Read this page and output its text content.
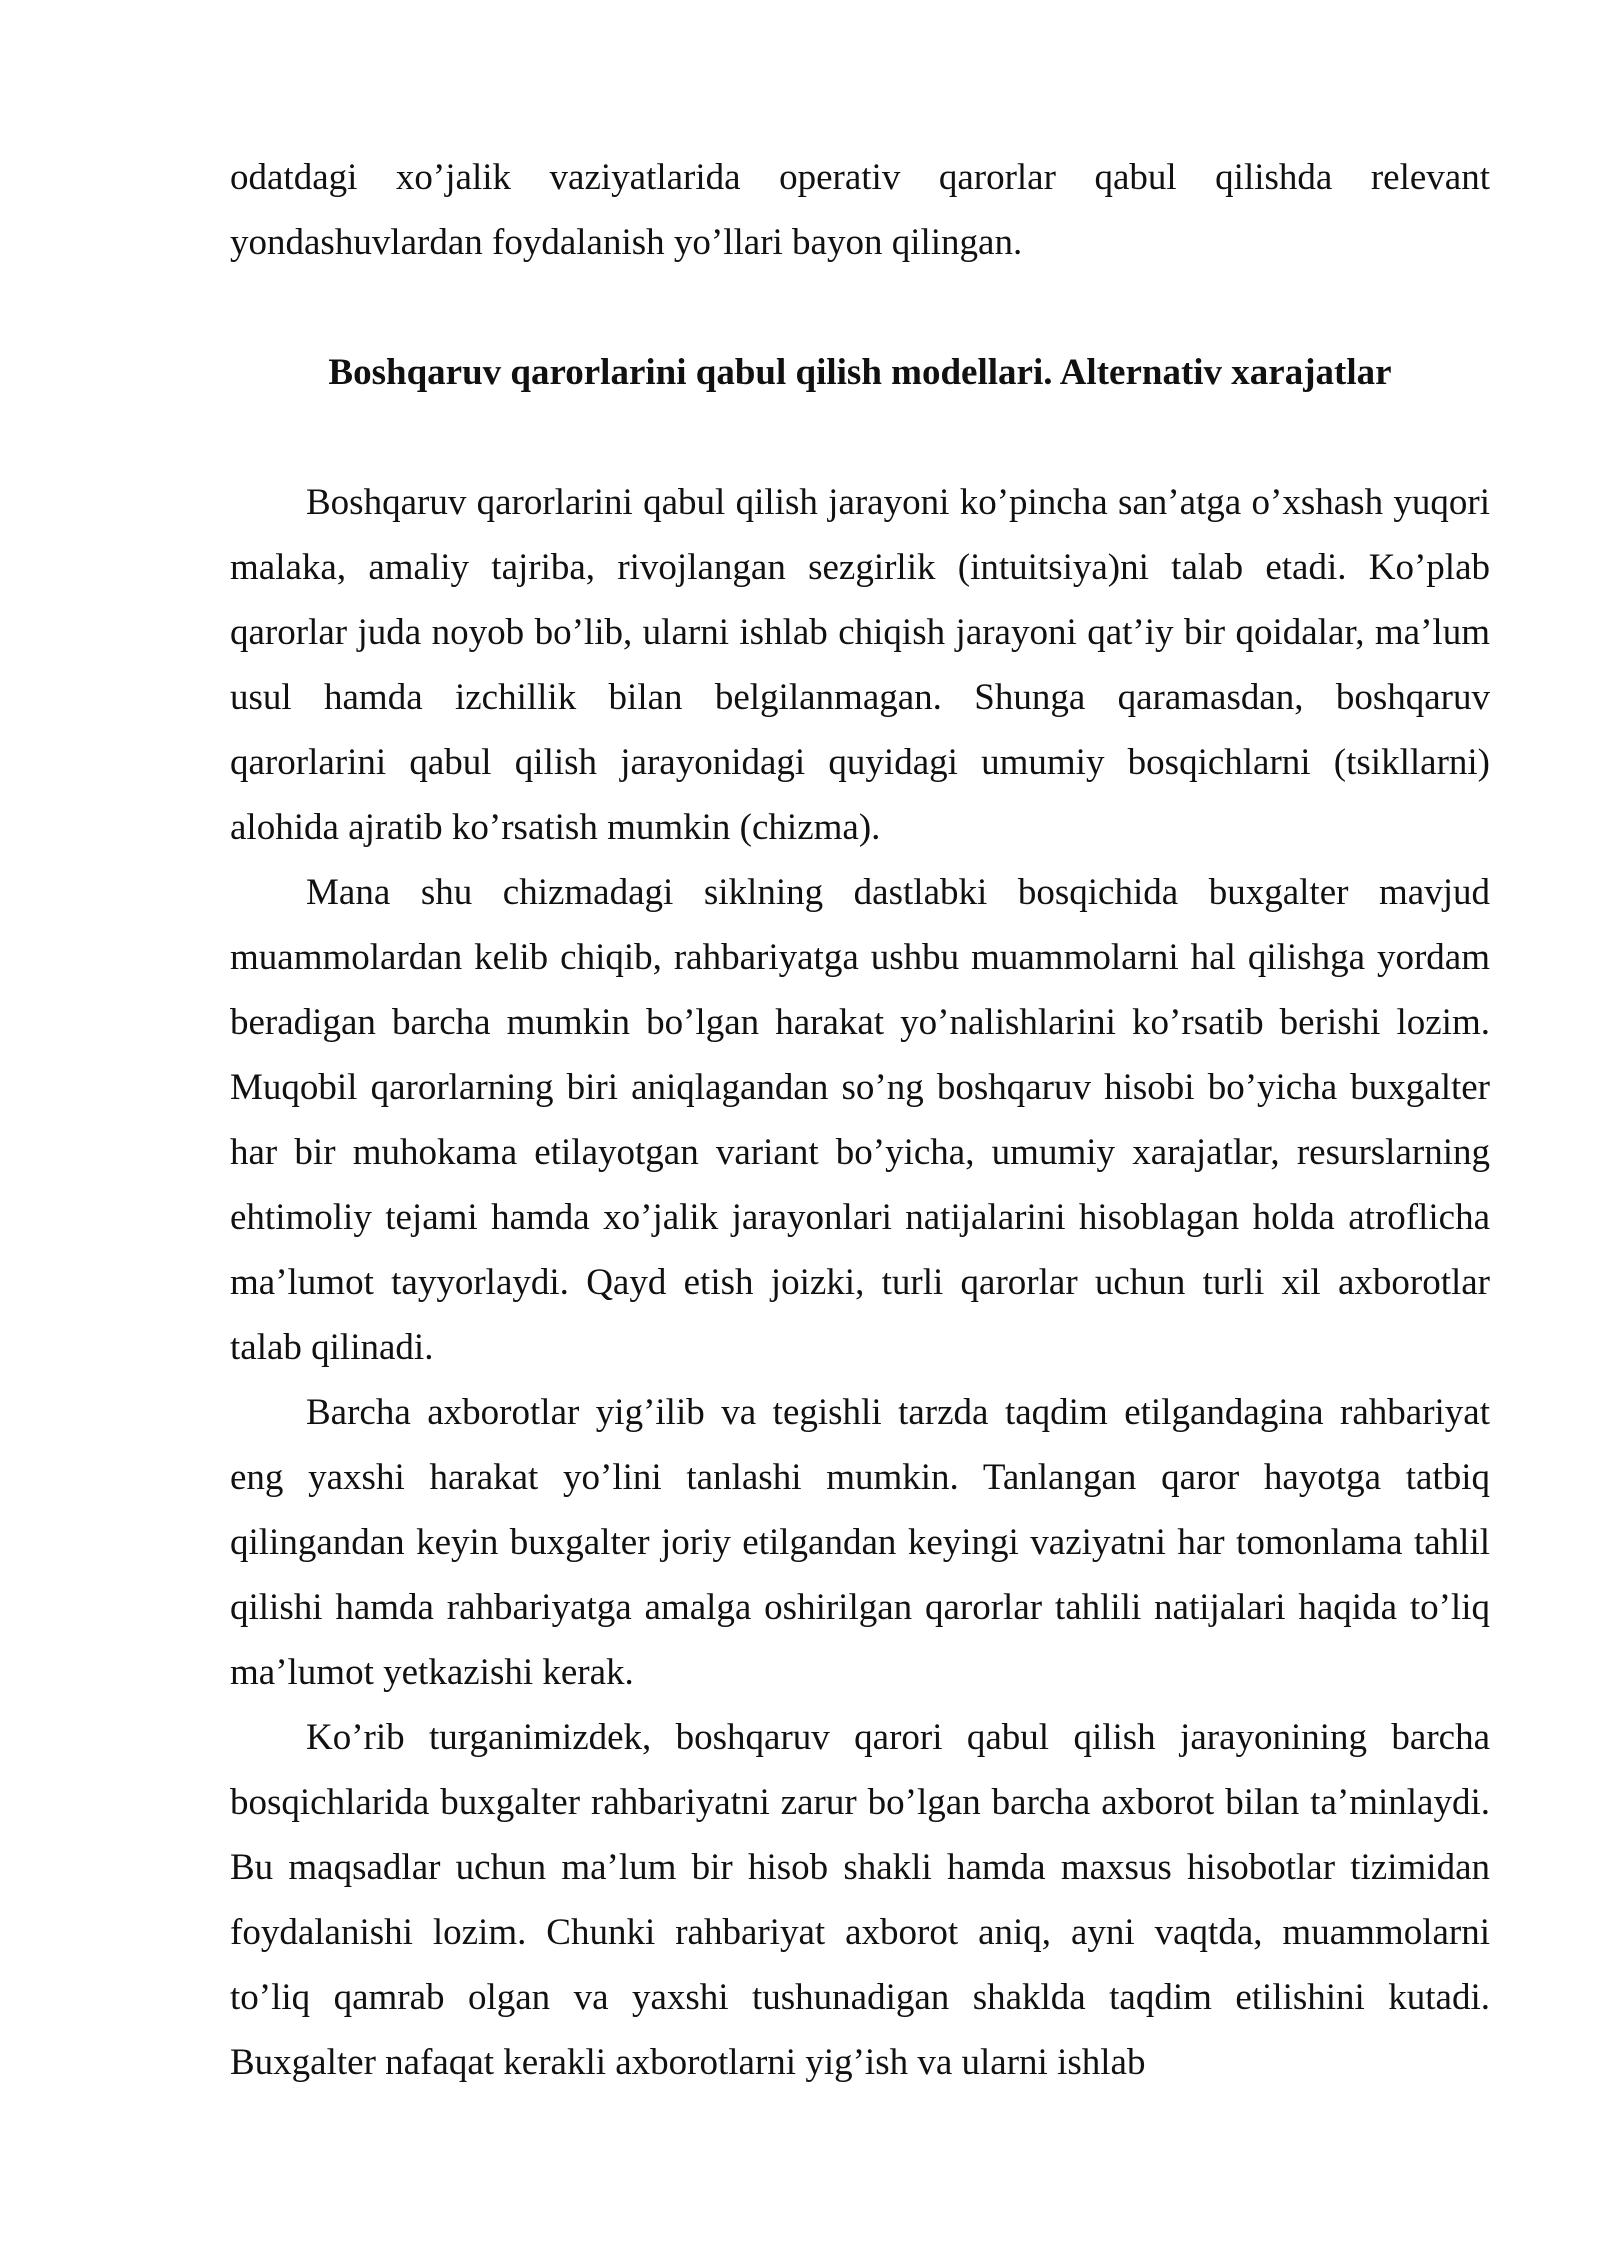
odatdagi xo’jalik vaziyatlarida operativ qarorlar qabul qilishda relevant yondashuvlardan foydalanish yo’llari bayon qilingan.

Boshqaruv qarorlarini qabul qilish modellari. Alternativ xarajatlar

Boshqaruv qarorlarini qabul qilish jarayoni ko’pincha san’atga o’xshash yuqori malaka, amaliy tajriba, rivojlangan sezgirlik (intuitsiya)ni talab etadi. Ko’plab qarorlar juda noyob bo’lib, ularni ishlab chiqish jarayoni qat’iy bir qoidalar, ma’lum usul hamda izchillik bilan belgilanmagan. Shunga qaramasdan, boshqaruv qarorlarini qabul qilish jarayonidagi quyidagi umumiy bosqichlarni (tsikllarni) alohida ajratib ko’rsatish mumkin (chizma).

Mana shu chizmadagi siklning dastlabki bosqichida buxgalter mavjud muammolardan kelib chiqib, rahbariyatga ushbu muammolarni hal qilishga yordam beradigan barcha mumkin bo’lgan harakat yo’nalishlarini ko’rsatib berishi lozim. Muqobil qarorlarning biri aniqlagandan so’ng boshqaruv hisobi bo’yicha buxgalter har bir muhokama etilayotgan variant bo’yicha, umumiy xarajatlar, resurslarning ehtimoliy tejami hamda xo’jalik jarayonlari natijalarini hisoblagan holda atroflicha ma’lumot tayyorlaydi. Qayd etish joizki, turli qarorlar uchun turli xil axborotlar talab qilinadi.

Barcha axborotlar yig’ilib va tegishli tarzda taqdim etilgandagina rahbariyat eng yaxshi harakat yo’lini tanlashi mumkin. Tanlangan qaror hayotga tatbiq qilingandan keyin buxgalter joriy etilgandan keyingi vaziyatni har tomonlama tahlil qilishi hamda rahbariyatga amalga oshirilgan qarorlar tahlili natijalari haqida to’liq ma’lumot yetkazishi kerak.

Ko’rib turganimizdek, boshqaruv qarori qabul qilish jarayonining barcha bosqichlarida buxgalter rahbariyatni zarur bo’lgan barcha axborot bilan ta’minlaydi. Bu maqsadlar uchun ma’lum bir hisob shakli hamda maxsus hisobotlar tizimidan foydalanishi lozim. Chunki rahbariyat axborot aniq, ayni vaqtda, muammolarni to’liq qamrab olgan va yaxshi tushunadigan shaklda taqdim etilishini kutadi. Buxgalter nafaqat kerakli axborotlarni yig’ish va ularni ishlab
